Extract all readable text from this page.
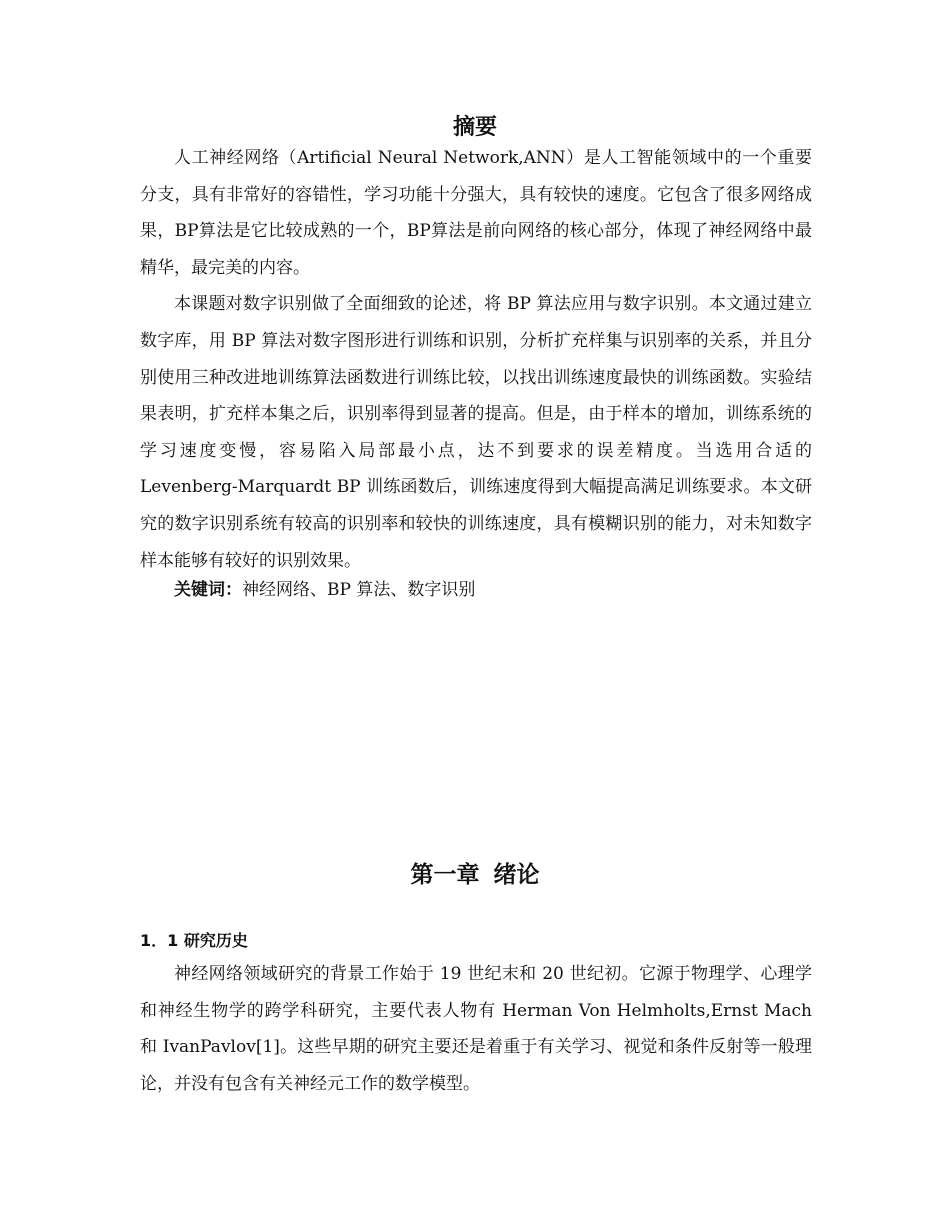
摘要

人工神经网络（Artificial Neural Network,ANN）是人工智能领域中的一个重要分支，具有非常好的容错性，学习功能十分强大，具有较快的速度。它包含了很多网络成果，BP算法是它比较成熟的一个，BP算法是前向网络的核心部分，体现了神经网络中最精华，最完美的内容。

本课题对数字识别做了全面细致的论述，将 BP 算法应用与数字识别。本文通过建立数字库，用 BP 算法对数字图形进行训练和识别，分析扩充样集与识别率的关系，并且分别使用三种改进地训练算法函数进行训练比较，以找出训练速度最快的训练函数。实验结果表明，扩充样本集之后，识别率得到显著的提高。但是，由于样本的增加，训练系统的学习速度变慢，容易陷入局部最小点，达不到要求的误差精度。当选用合适的 Levenberg-Marquardt BP 训练函数后，训练速度得到大幅提高满足训练要求。本文研究的数字识别系统有较高的识别率和较快的训练速度，具有模糊识别的能力，对未知数字样本能够有较好的识别效果。

关键词：神经网络、BP 算法、数字识别

第一章 绪论
1．1 研究历史

神经网络领域研究的背景工作始于 19 世纪末和 20 世纪初。它源于物理学、心理学和神经生物学的跨学科研究，主要代表人物有 Herman Von Helmholts,Ernst Mach 和 IvanPavlov[1]。这些早期的研究主要还是着重于有关学习、视觉和条件反射等一般理论，并没有包含有关神经元工作的数学模型。
